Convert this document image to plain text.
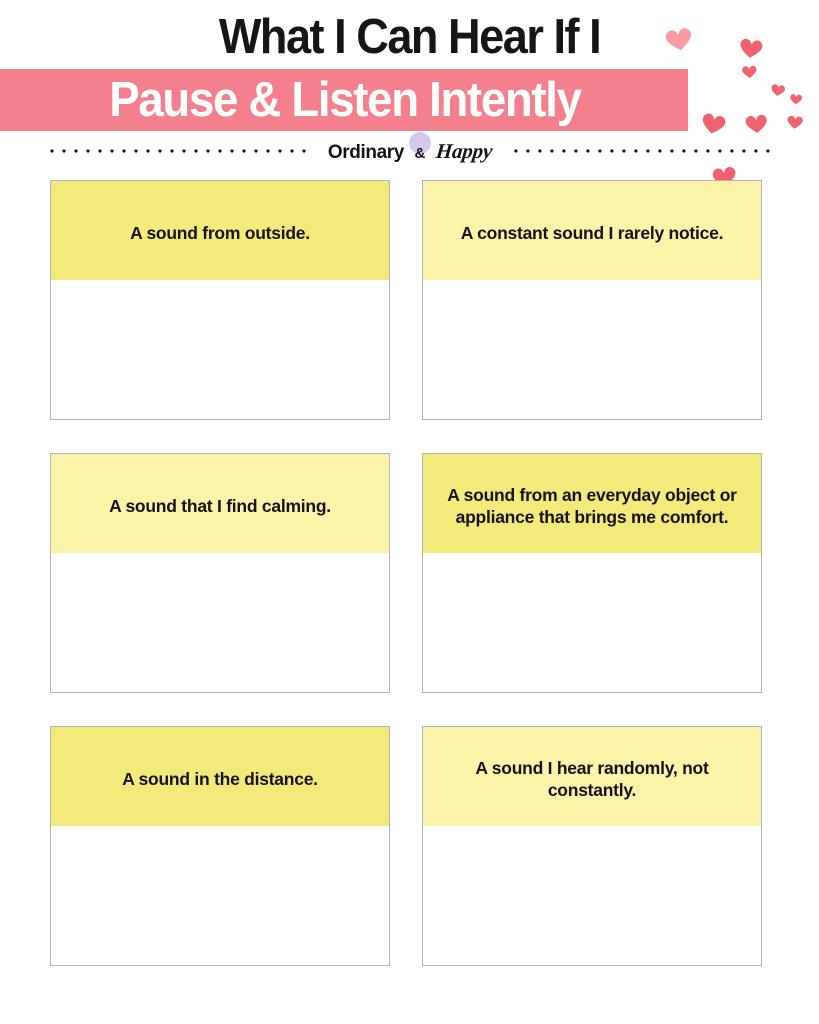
What I Can Hear If I
Pause & Listen Intently
Ordinary & Happy
A sound from outside.	A constant sound I rarely notice.
A sound that I find calming.
A sound from an everyday object or appliance that brings me comfort.
A sound in the distance.
A sound I hear randomly, not constantly.
